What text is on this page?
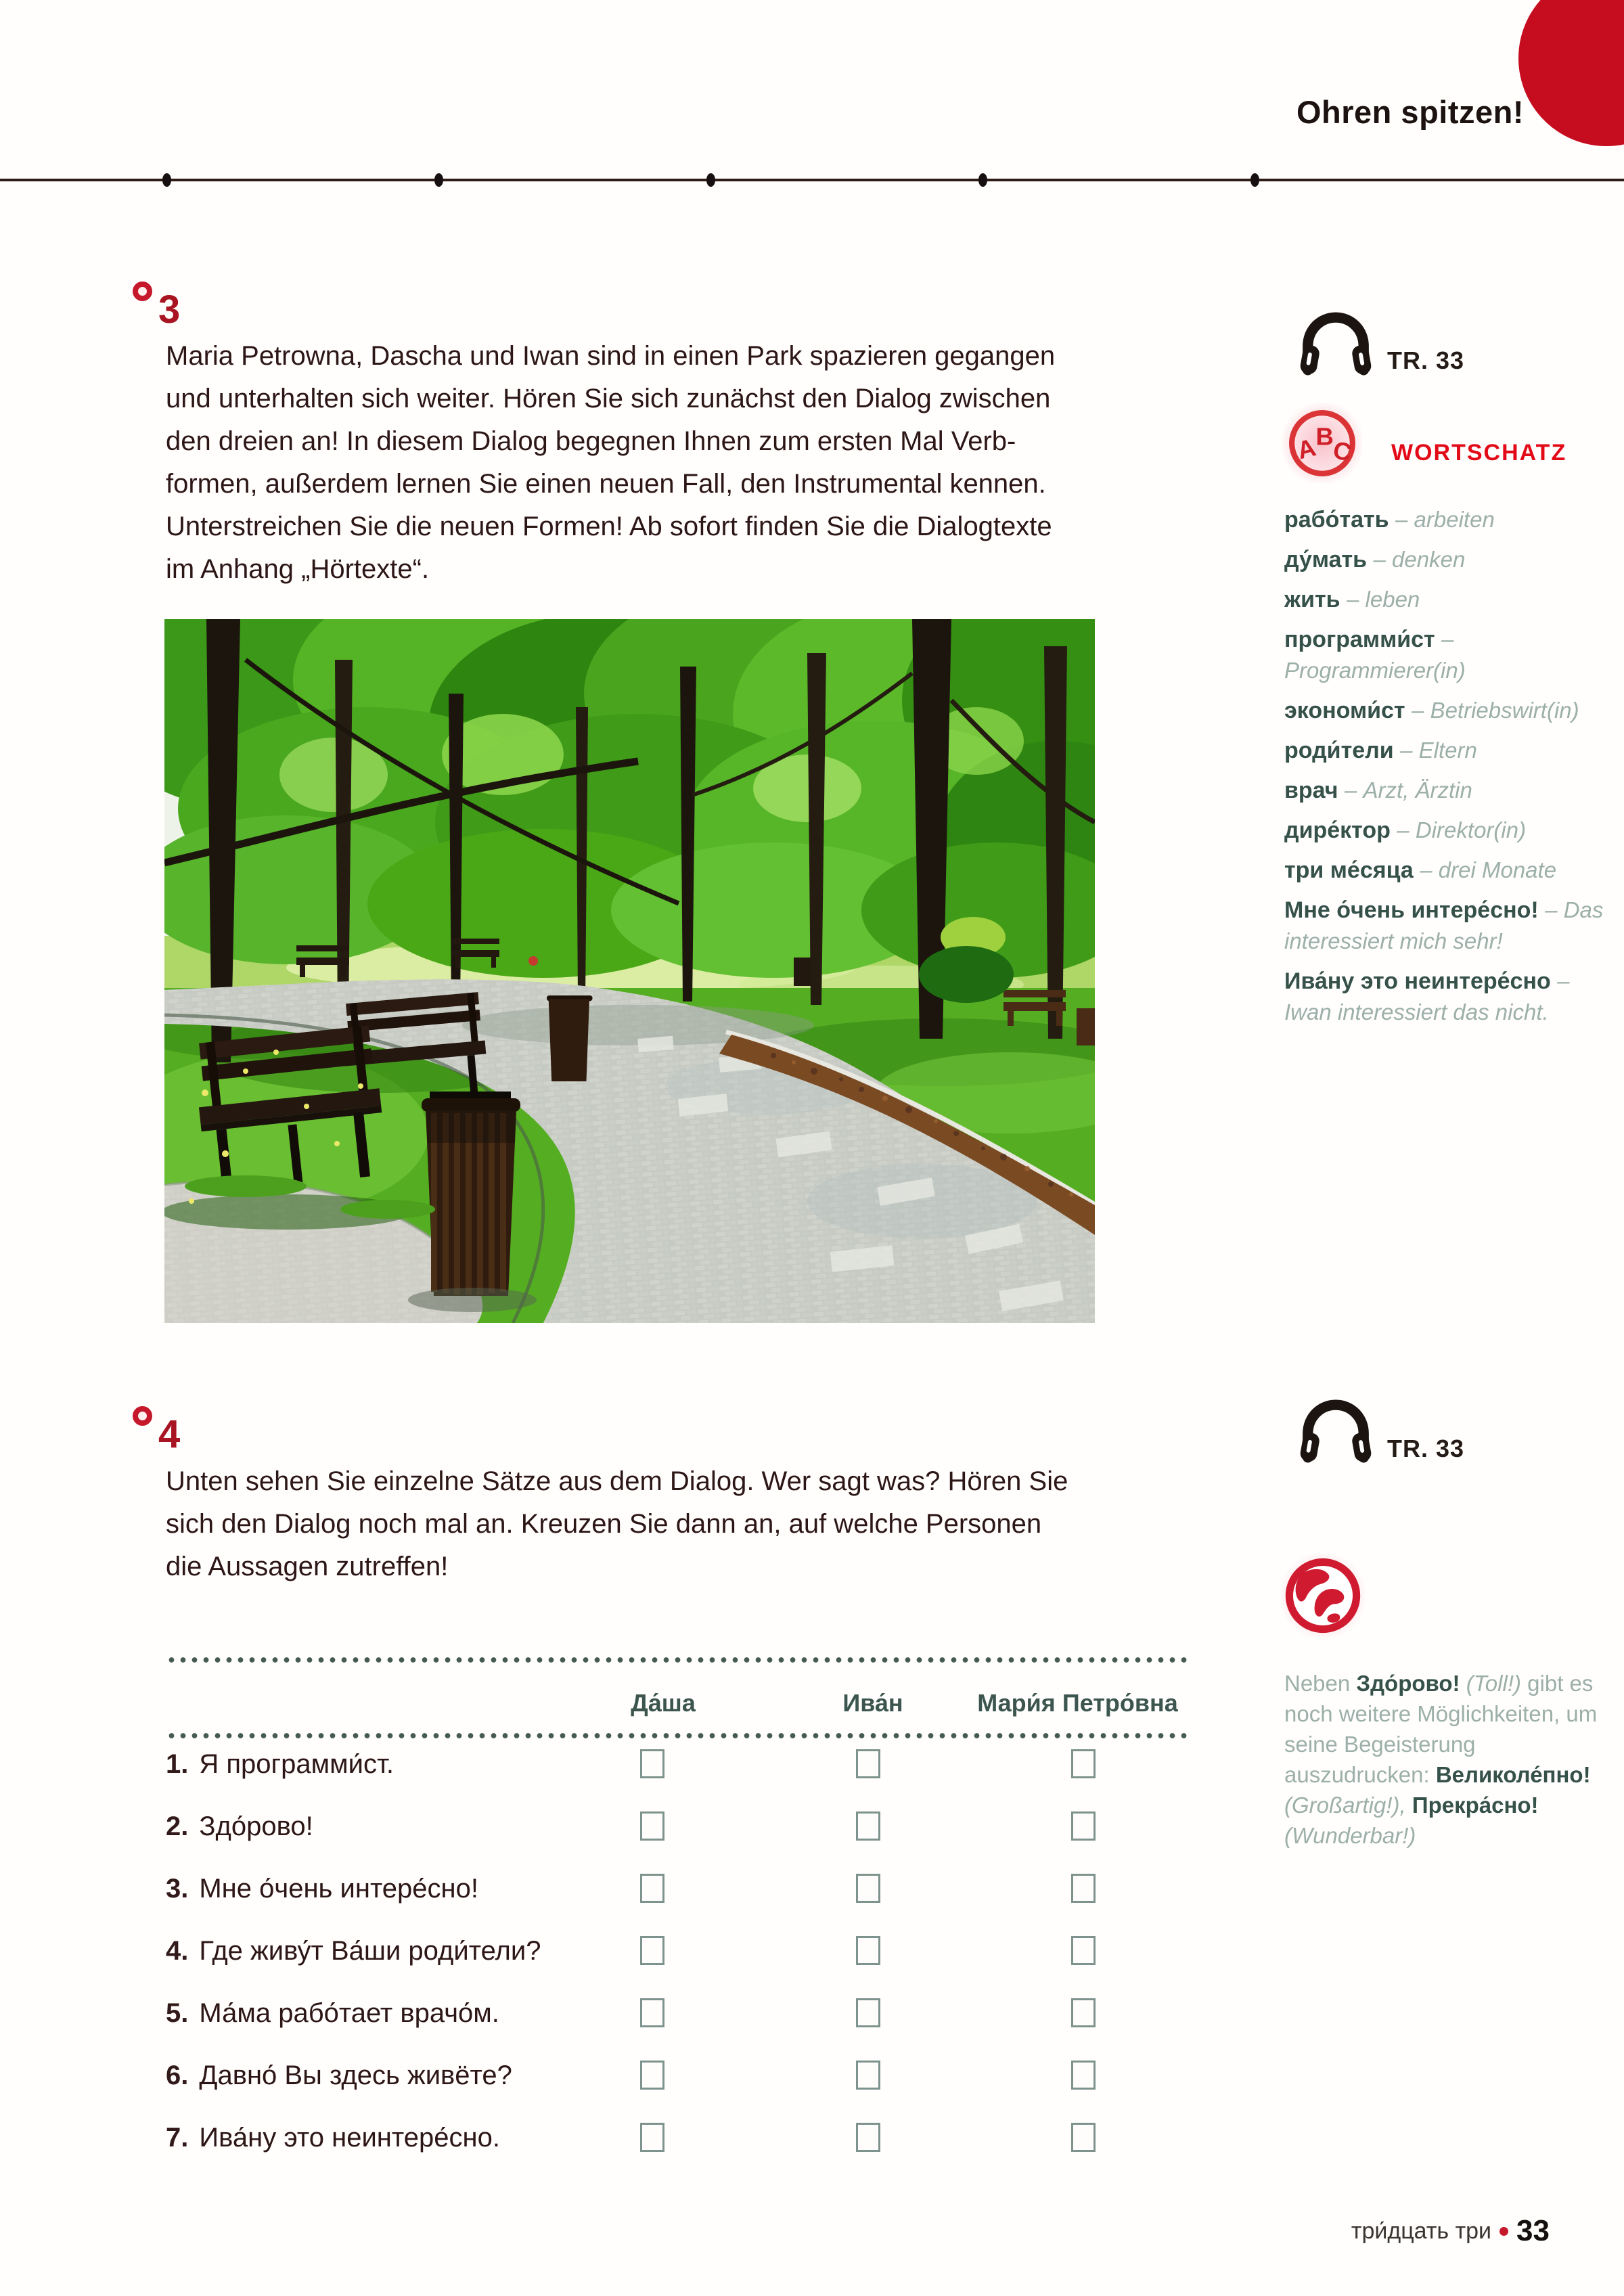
Ohren spitzen!
3
Maria Petrowna, Dascha und Iwan sind in einen Park spazieren gegangen
und unterhalten sich weiter. Hören Sie sich zunächst den Dialog zwischen
den dreien an! In diesem Dialog begegnen Ihnen zum ersten Mal Verb-
formen, außerdem lernen Sie einen neuen Fall, den Instrumental kennen.
Unterstreichen Sie die neuen Formen! Ab sofort finden Sie die Dialogtexte
im Anhang „Hörtexte“.
TR. 33
A
B
C WORTSCHATZ
рабо́тать – arbeiten
ду́мать – denken
жить – leben
программи́ст – Programmierer(in)
экономи́ст – Betriebswirt(in)
роди́тели – Eltern
врач – Arzt, Ärztin
дире́ктор – Direktor(in)
три ме́сяца – drei Monate
Мне о́чень интере́сно! – Das interessiert mich sehr!
Ива́ну это неинтере́сно – Iwan interessiert das nicht.
4
Unten sehen Sie einzelne Sätze aus dem Dialog. Wer sagt was? Hören Sie
sich den Dialog noch mal an. Kreuzen Sie dann an, auf welche Personen
die Aussagen zutreffen!
TR. 33
Neben Здо́рово! (Toll!) gibt es noch weitere Möglichkeiten, um seine Begeisterung auszudrucken: Великоле́пно! (Großartig!), Прекра́сно! (Wunderbar!)
Да́ша	Ива́н	Мари́я Петро́вна
1. Я программи́ст.
2. Здо́рово!
3. Мне о́чень интере́сно!
4. Где живу́т Ва́ши роди́тели?
5. Ма́ма рабо́тает врачо́м.
6. Давно́ Вы здесь живёте?
7. Ива́ну это неинтере́сно.
три́дцать три 33
